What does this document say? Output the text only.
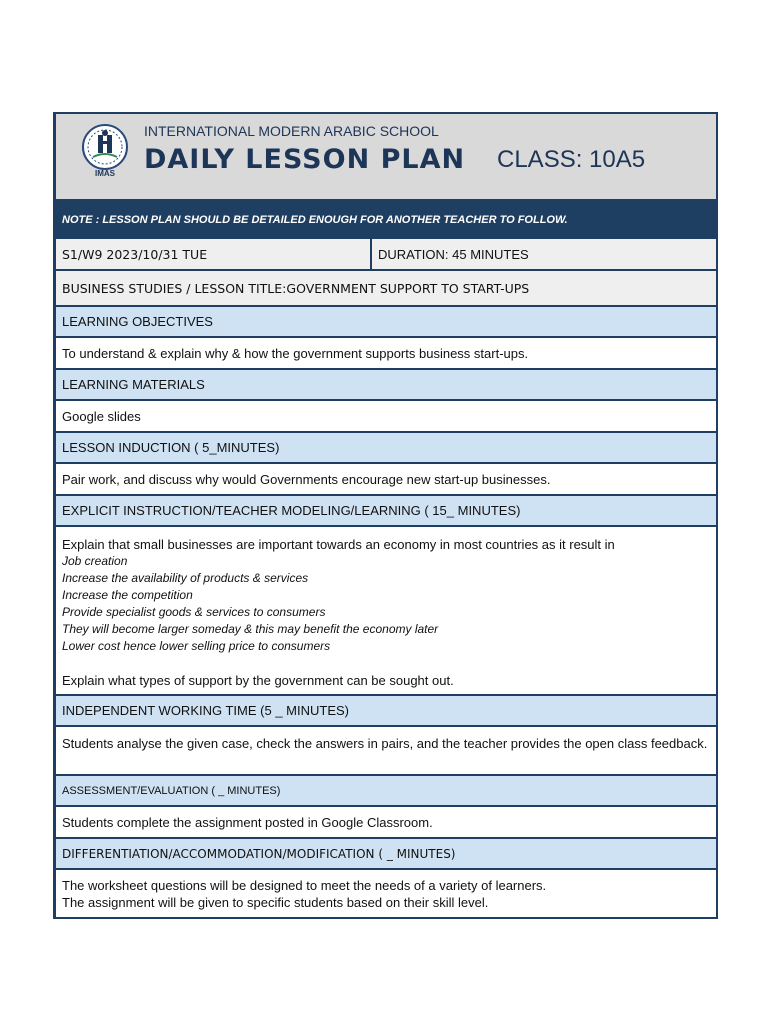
IMAS
INTERNATIONAL MODERN ARABIC SCHOOL
DAILY LESSON PLAN CLASS: 10A5
NOTE : LESSON PLAN SHOULD BE DETAILED ENOUGH FOR ANOTHER TEACHER TO FOLLOW.
S1/W9 2023/10/31 TUE	DURATION: 45 MINUTES
BUSINESS STUDIES / LESSON TITLE: GOVERNMENT SUPPORT TO START-UPS
LEARNING OBJECTIVES
To understand & explain why & how the government supports business start-ups.
LEARNING MATERIALS
Google slides
LESSON INDUCTION ( 5_MINUTES)
Pair work, and discuss why would Governments encourage new start-up businesses.
EXPLICIT INSTRUCTION/TEACHER MODELING/LEARNING ( 15_ MINUTES)
Explain that small businesses are important towards an economy in most countries as it result in
Job creation
Increase the availability of products & services
Increase the competition
Provide specialist goods & services to consumers
They will become larger someday & this may benefit the economy later
Lower cost hence lower selling price to consumers
Explain what types of support by the government can be sought out.
INDEPENDENT WORKING TIME (5 _ MINUTES)
Students analyse the given case, check the answers in pairs, and the teacher provides the open class feedback.
ASSESSMENT/EVALUATION ( _ MINUTES)
Students complete the assignment posted in Google Classroom.
DIFFERENTIATION/ACCOMMODATION/MODIFICATION ( _ MINUTES)
The worksheet questions will be designed to meet the needs of a variety of learners.
The assignment will be given to specific students based on their skill level.
